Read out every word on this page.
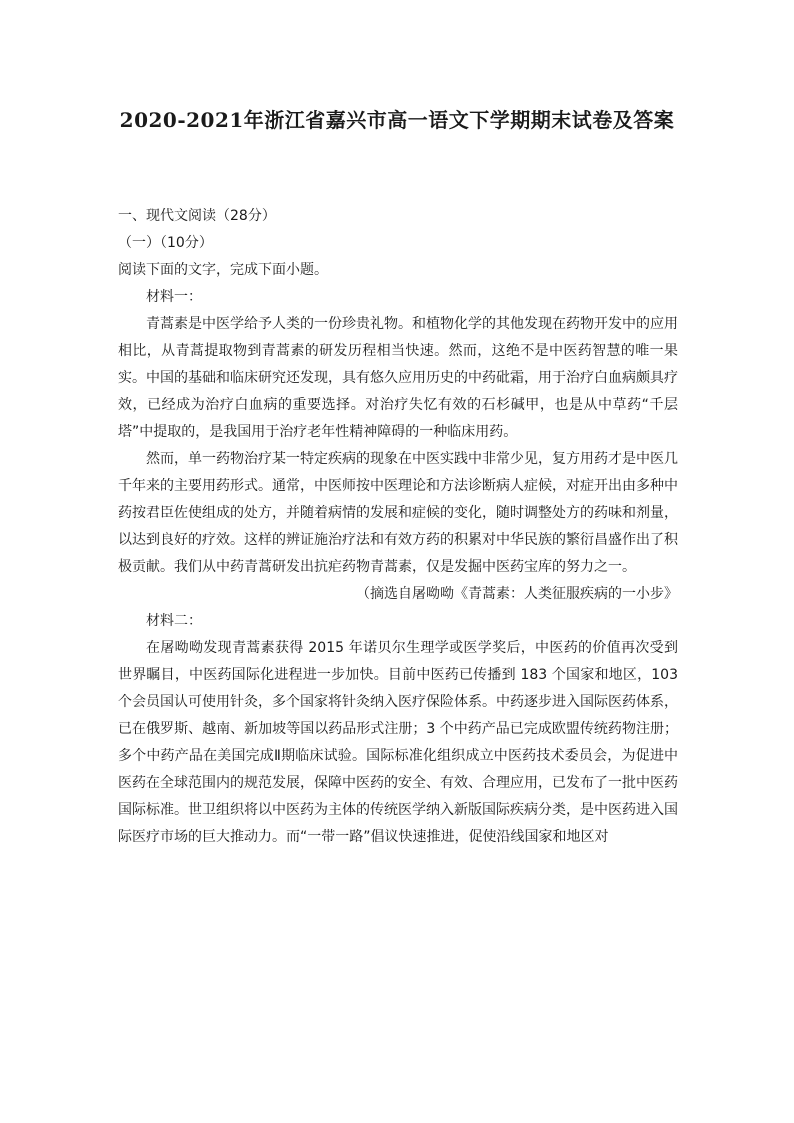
2020-2021年浙江省嘉兴市高一语文下学期期末试卷及答案

一、现代文阅读（28分）

（一）（10分）

阅读下面的文字，完成下面小题。

材料一：

青蒿素是中医学给予人类的一份珍贵礼物。和植物化学的其他发现在药物开发中的应用相比，从青蒿提取物到青蒿素的研发历程相当快速。然而，这绝不是中医药智慧的唯一果实。中国的基础和临床研究还发现，具有悠久应用历史的中药砒霜，用于治疗白血病颇具疗效，已经成为治疗白血病的重要选择。对治疗失忆有效的石杉碱甲，也是从中草药“千层塔”中提取的，是我国用于治疗老年性精神障碍的一种临床用药。

然而，单一药物治疗某一特定疾病的现象在中医实践中非常少见，复方用药才是中医几千年来的主要用药形式。通常，中医师按中医理论和方法诊断病人症候，对症开出由多种中药按君臣佐使组成的处方，并随着病情的发展和症候的变化，随时调整处方的药味和剂量，以达到良好的疗效。这样的辨证施治疗法和有效方药的积累对中华民族的繁衍昌盛作出了积极贡献。我们从中药青蒿研发出抗疟药物青蒿素，仅是发掘中医药宝库的努力之一。

（摘选自屠呦呦《青蒿素：人类征服疾病的一小步》

材料二：

在屠呦呦发现青蒿素获得 2015 年诺贝尔生理学或医学奖后，中医药的价值再次受到世界瞩目，中医药国际化进程进一步加快。目前中医药已传播到 183 个国家和地区，103 个会员国认可使用针灸，多个国家将针灸纳入医疗保险体系。中药逐步进入国际医药体系，已在俄罗斯、越南、新加坡等国以药品形式注册；3 个中药产品已完成欧盟传统药物注册；多个中药产品在美国完成Ⅱ期临床试验。国际标准化组织成立中医药技术委员会，为促进中医药在全球范围内的规范发展，保障中医药的安全、有效、合理应用，已发布了一批中医药国际标准。世卫组织将以中医药为主体的传统医学纳入新版国际疾病分类，是中医药进入国际医疗市场的巨大推动力。而“一带一路”倡议快速推进，促使沿线国家和地区对
